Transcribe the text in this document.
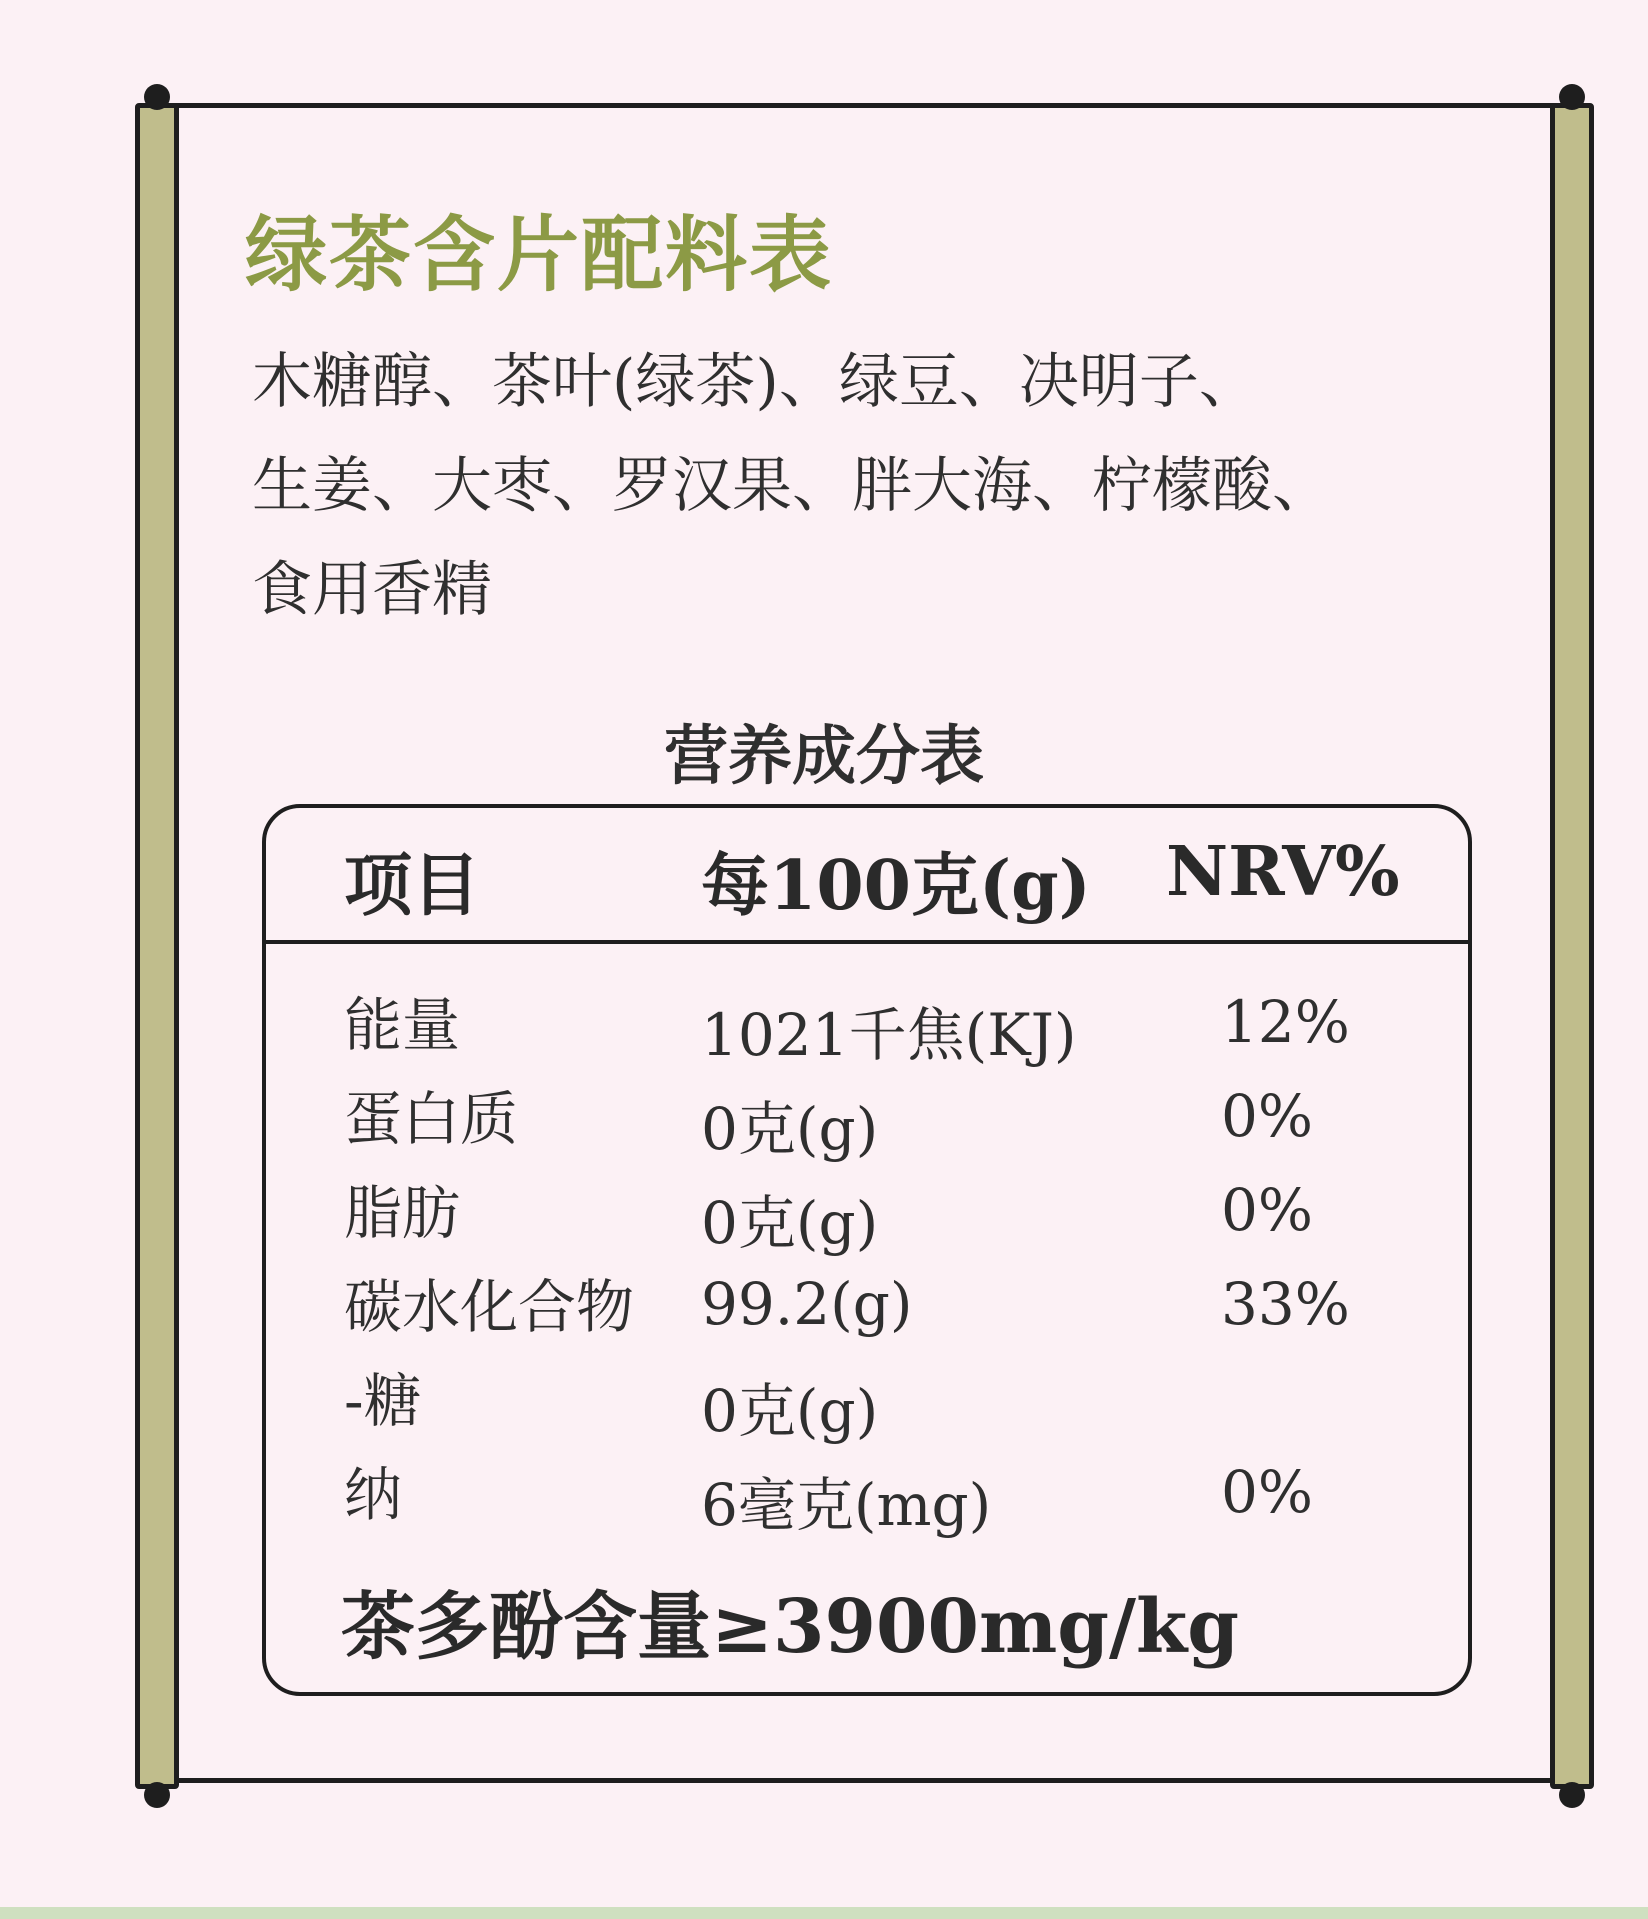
绿茶含片配料表
木糖醇、茶叶(绿茶)、绿豆、决明子、
生姜、大枣、罗汉果、胖大海、柠檬酸、
食用香精
营养成分表
项目	每100克(g) NRV%
能量	1021千焦(KJ) 12%
蛋白质	0克(g)	0%
脂肪	0克(g)	0%
碳水化合物 99.2(g)	33%
-糖	0克(g)
纳	6毫克(mg)	0%

茶多酚含量≥3900mg/kg
